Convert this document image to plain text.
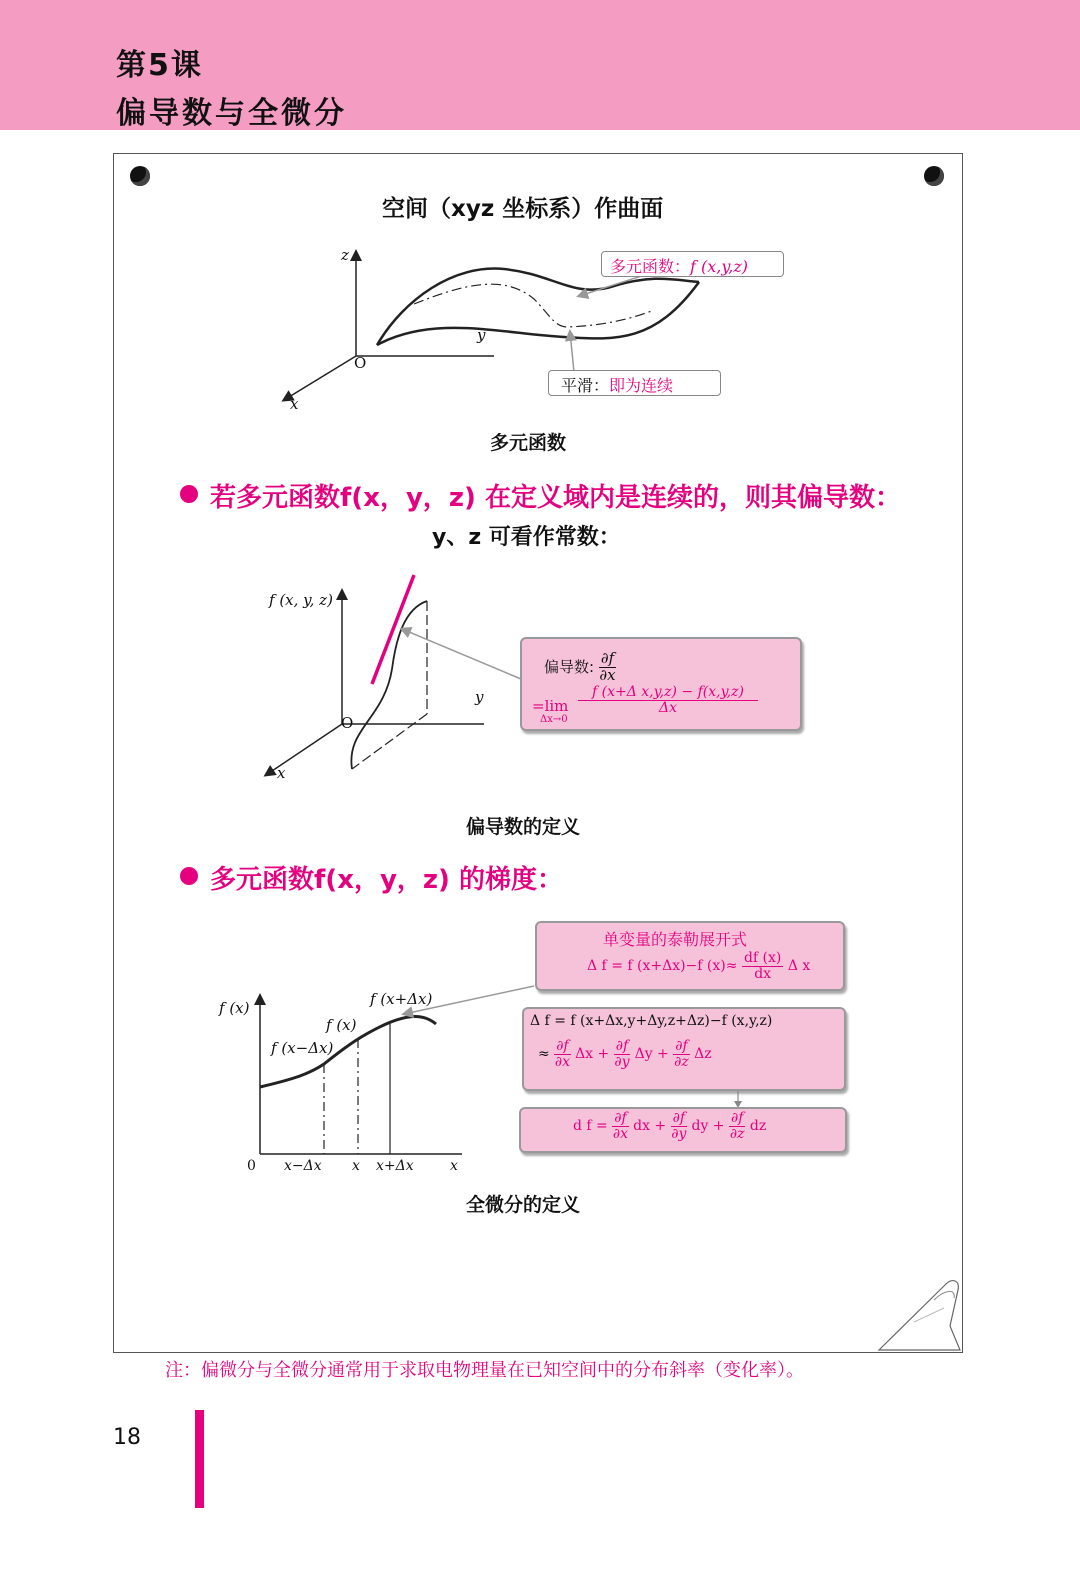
第5课
偏导数与全微分
空间（xyz 坐标系）作曲面
z
y
x
O
多元函数：f (x,y,z)
平滑：即为连续
多元函数
若多元函数f(x，y，z) 在定义域内是连续的，则其偏导数：
y、z 可看作常数：
f (x, y, z)
y
x
O
偏导数: $\frac{\partial f}{\partial x}$
=lim
Δx→0
$\frac{\text{f (x+Δ x,y,z) − f(x,y,z)}}{\Delta x}$
偏导数的定义
多元函数f(x，y，z) 的梯度：
f (x)
x
0 x−Δx x x+Δx
f (x−Δx)
f (x)
f (x+Δx)
单变量的泰勒展开式
Δ f = f (x+Δx)−f $(x)\approx \frac{df (x)}{dx}$ Δ x
Δ f = f (x+Δx,y+Δy,z+Δz)−f (x,y,z)
≈ $\frac{\partial f}{\partial x}$ $\Delta x + \frac{\partial f}{\partial y}$ $\Delta y + \frac{\partial f}{\partial z}$ Δz
d $f = \frac{\partial f}{\partial x}$ dx + $\frac{\partial f}{\partial y}$ dy + $\frac{\partial f}{\partial z}$ dz
全微分的定义
注：偏微分与全微分通常用于求取电物理量在已知空间中的分布斜率（变化率）。
18
